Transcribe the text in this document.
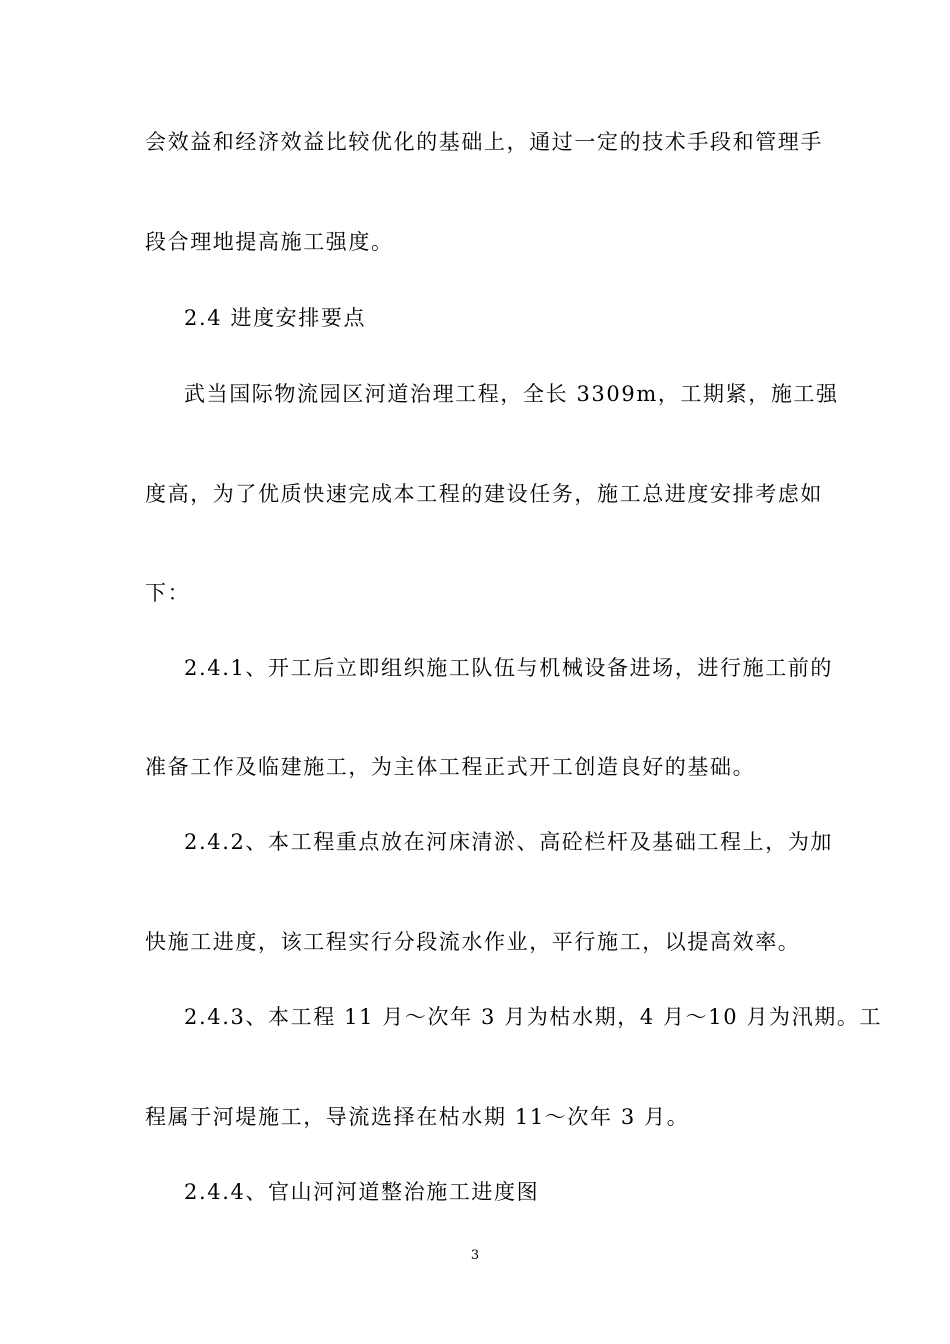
会效益和经济效益比较优化的基础上，通过一定的技术手段和管理手
段合理地提高施工强度。
2.4 进度安排要点
武当国际物流园区河道治理工程，全长 3309m，工期紧，施工强
度高，为了优质快速完成本工程的建设任务，施工总进度安排考虑如
下：
2.4.1、开工后立即组织施工队伍与机械设备进场，进行施工前的
准备工作及临建施工，为主体工程正式开工创造良好的基础。
2.4.2、本工程重点放在河床清淤、高砼栏杆及基础工程上，为加
快施工进度，该工程实行分段流水作业，平行施工，以提高效率。
2.4.3、本工程 11 月～次年 3 月为枯水期，4 月～10 月为汛期。工
程属于河堤施工，导流选择在枯水期 11～次年 3 月。
2.4.4、官山河河道整治施工进度图
3
